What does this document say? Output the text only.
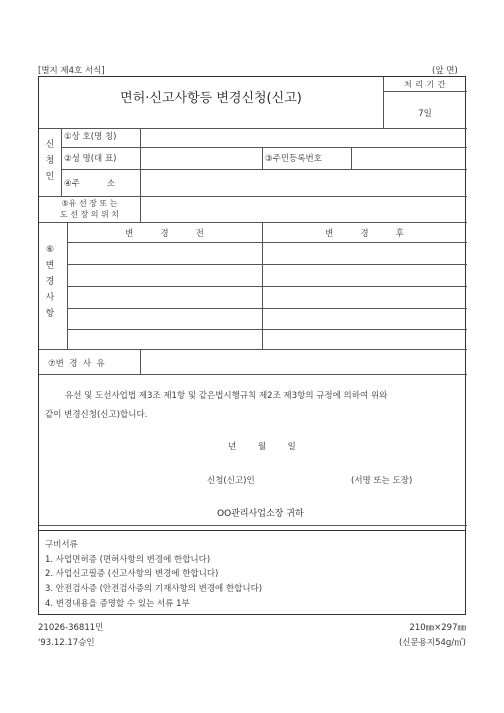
[별지 제4호 서식]	(앞 면)
면허·신고사항등 변경신청(신고)
처 리 기 간
7일
신청인
①상 호(명 칭)
②성 명(대 표)	③주민등록번호
④주          소
⑤유 선 장 또 는
도 선 장 의 위 치
⑥변경사항
변          경          전	변          경          후
⑦변  경  사  유
유선 및 도선사업법 제3조 제1항 및 같은법시행규칙 제2조 제3항의 규정에 의하여 위와
같이 변경신청(신고)합니다.
년        월        일
신청(신고)인	(서명 또는 도장)
OO관리사업소장 귀하
구비서류
1. 사업면허증 (면허사항의 변경에 한합니다)
2. 사업신고필증 (신고사항의 변경에 한합니다)
3. 안전검사증 (안전검사증의 기재사항의 변경에 한합니다)
4. 변경내용을 증명할 수 있는 서류 1부
21026-36811민
'93.12.17승인
210㎜×297㎜
(신문용지54g/㎡)
